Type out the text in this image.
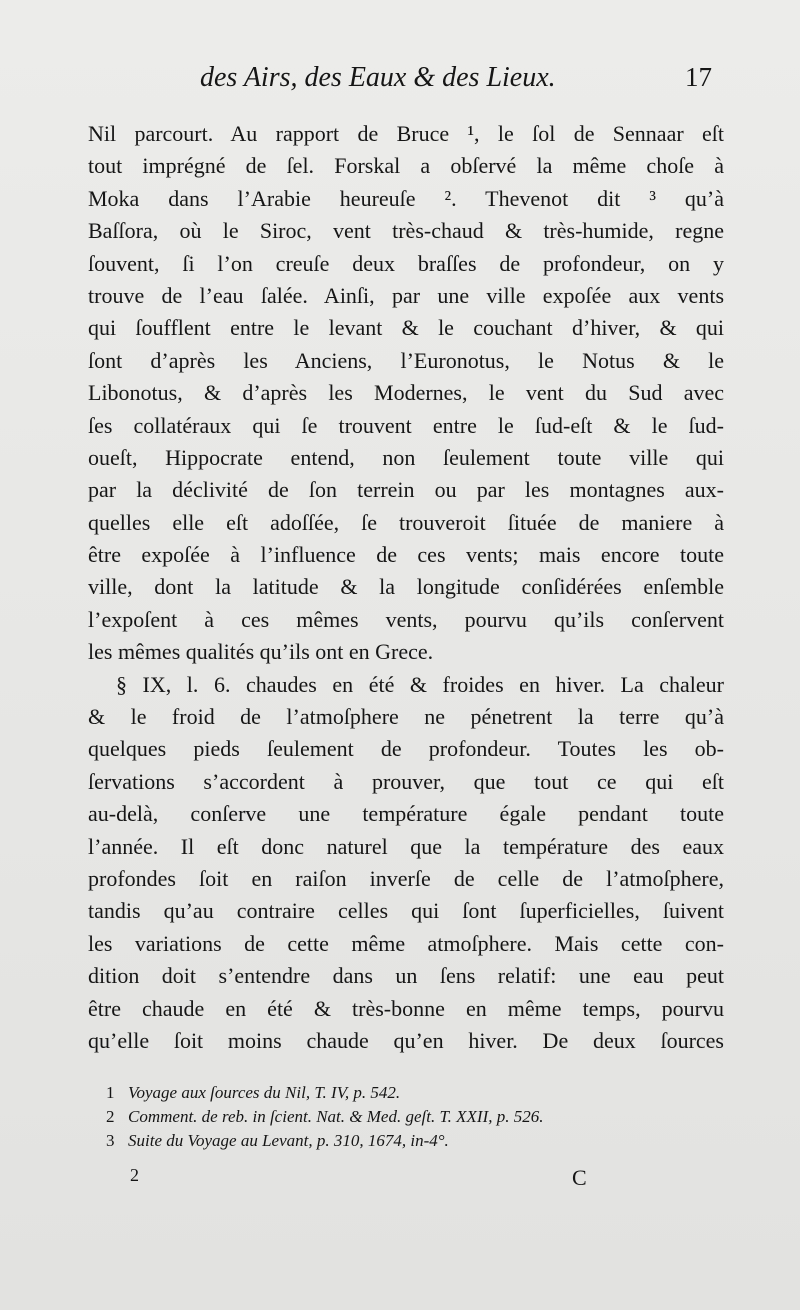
des Airs, des Eaux & des Lieux.	17
Nil parcourt. Au rapport de Bruce ¹, le ſol de Sennaar eſt
tout imprégné de ſel. Forskal a obſervé la même choſe à
Moka dans l’Arabie heureuſe ². Thevenot dit ³ qu’à
Baſſora, où le Siroc, vent très-chaud & très-humide, regne
ſouvent, ſi l’on creuſe deux braſſes de profondeur, on y
trouve de l’eau ſalée. Ainſi, par une ville expoſée aux vents
qui ſoufflent entre le levant & le couchant d’hiver, & qui
ſont d’après les Anciens, l’Euronotus, le Notus & le
Libonotus, & d’après les Modernes, le vent du Sud avec
ſes collatéraux qui ſe trouvent entre le ſud-eſt & le ſud-
oueſt, Hippocrate entend, non ſeulement toute ville qui
par la déclivité de ſon terrein ou par les montagnes aux-
quelles elle eſt adoſſée, ſe trouveroit ſituée de maniere à
être expoſée à l’influence de ces vents; mais encore toute
ville, dont la latitude & la longitude conſidérées enſemble
l’expoſent à ces mêmes vents, pourvu qu’ils conſervent
les mêmes qualités qu’ils ont en Grece.
§ IX, l. 6. chaudes en été & froides en hiver. La chaleur
& le froid de l’atmoſphere ne pénetrent la terre qu’à
quelques pieds ſeulement de profondeur. Toutes les ob-
ſervations s’accordent à prouver, que tout ce qui eſt
au-delà, conſerve une température égale pendant toute
l’année. Il eſt donc naturel que la température des eaux
profondes ſoit en raiſon inverſe de celle de l’atmoſphere,
tandis qu’au contraire celles qui ſont ſuperficielles, ſuivent
les variations de cette même atmoſphere. Mais cette con-
dition doit s’entendre dans un ſens relatif: une eau peut
être chaude en été & très-bonne en même temps, pourvu
qu’elle ſoit moins chaude qu’en hiver. De deux ſources
1 Voyage aux ſources du Nil, T. IV, p. 542.
2 Comment. de reb. in ſcient. Nat. & Med. geſt. T. XXII, p. 526.
3 Suite du Voyage au Levant, p. 310, 1674, in-4°.
2	C
